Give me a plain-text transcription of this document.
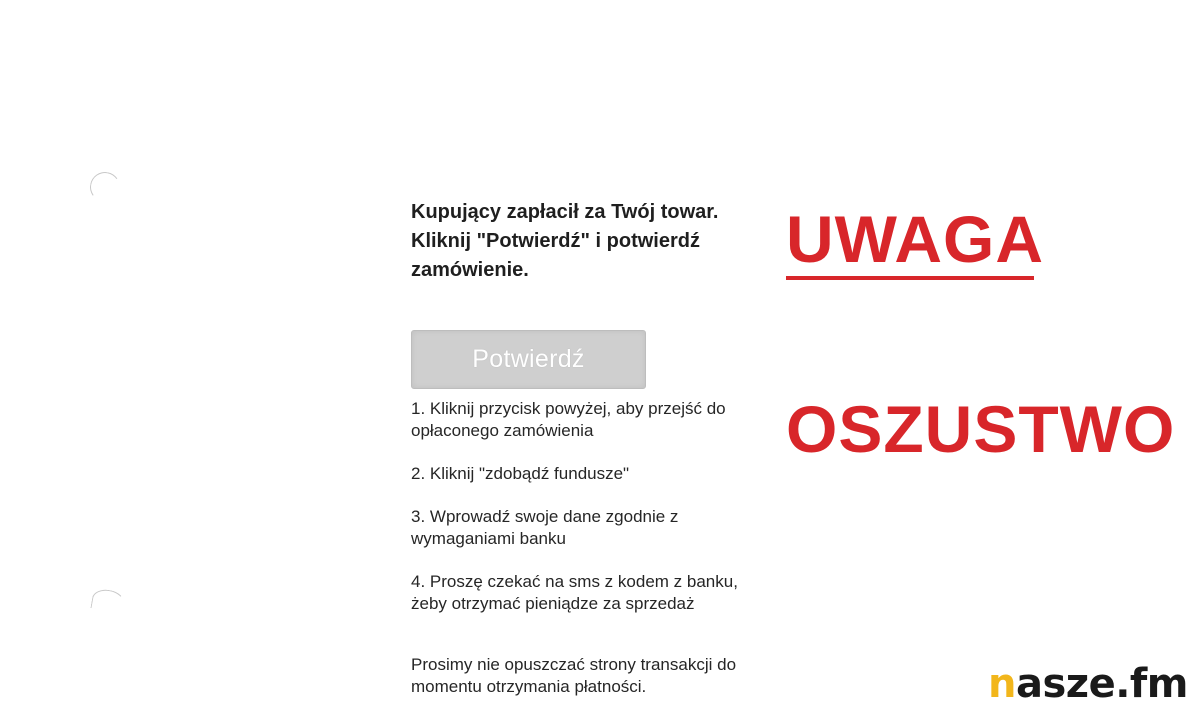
Kupujący zapłacił za Twój towar.
Kliknij "Potwierdź" i potwierdź
zamówienie.

Potwierdź
1. Kliknij przycisk powyżej, aby przejść do
opłaconego zamówienia
2. Kliknij "zdobądź fundusze"
3. Wprowadź swoje dane zgodnie z
wymaganiami banku
4. Proszę czekać na sms z kodem z banku,
żeby otrzymać pieniądze za sprzedaż

Prosimy nie opuszczać strony transakcji do
momentu otrzymania płatności.

UWAGA
OSZUSTWO
nasze.fm
